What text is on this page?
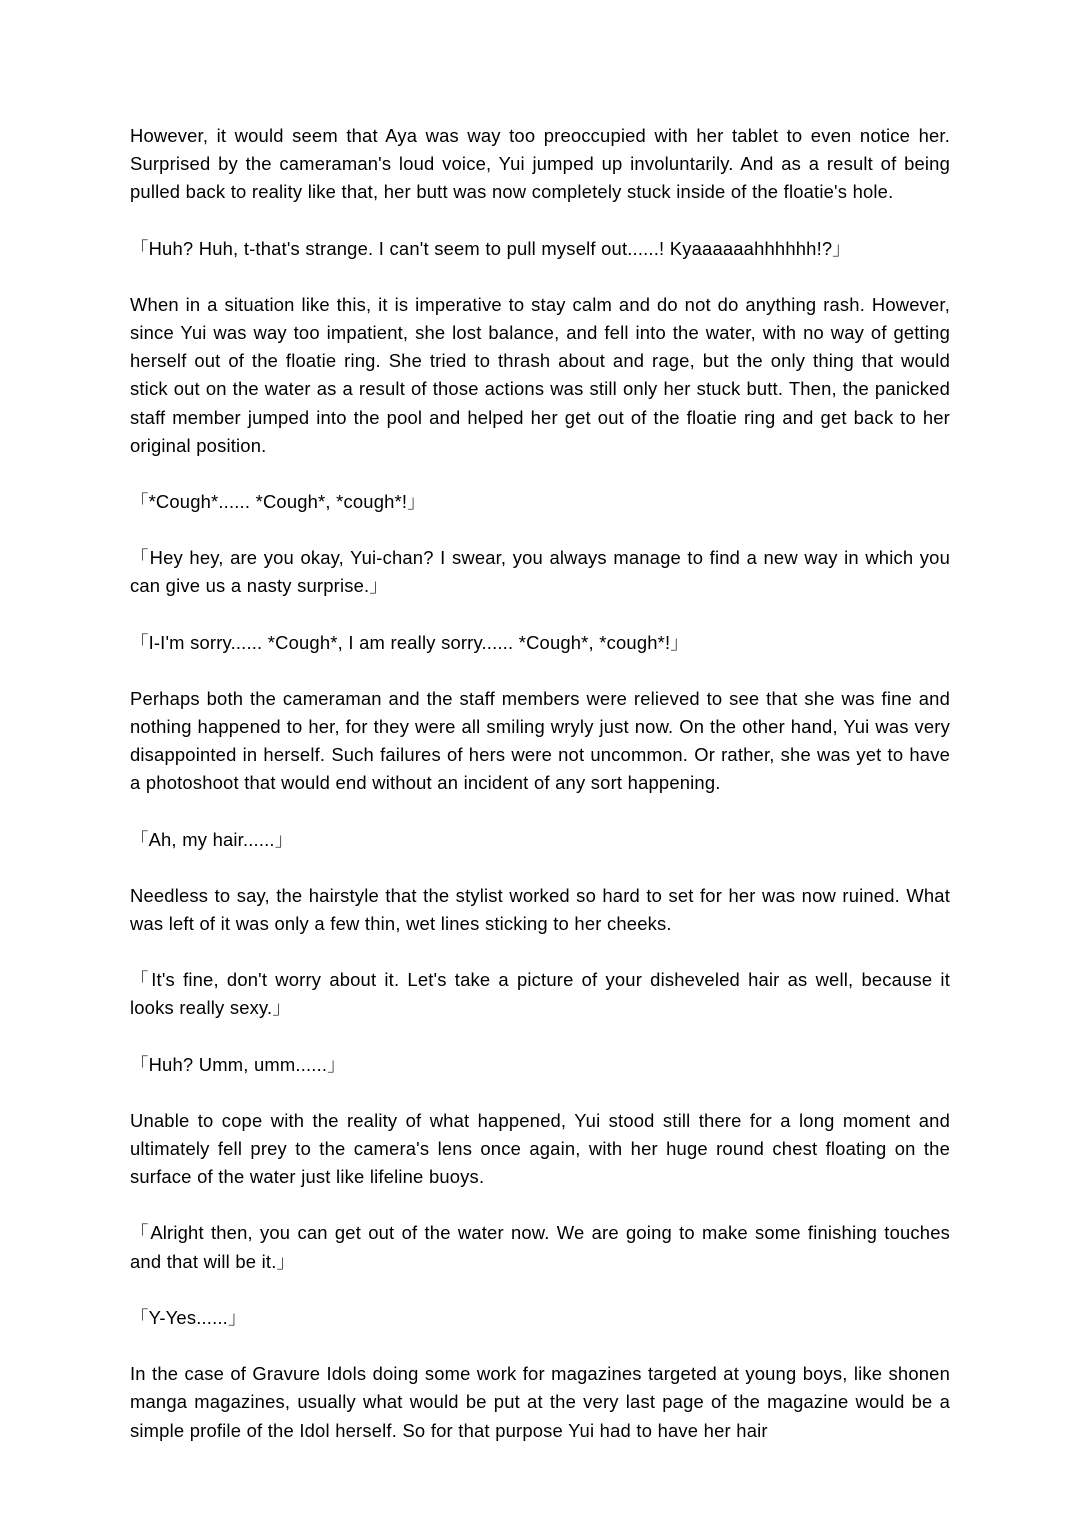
However, it would seem that Aya was way too preoccupied with her tablet to even notice her. Surprised by the cameraman's loud voice, Yui jumped up involuntarily. And as a result of being pulled back to reality like that, her butt was now completely stuck inside of the floatie's hole.

「Huh? Huh, t-that's strange. I can't seem to pull myself out......! Kyaaaaaahhhhhh!?」

When in a situation like this, it is imperative to stay calm and do not do anything rash. However, since Yui was way too impatient, she lost balance, and fell into the water, with no way of getting herself out of the floatie ring. She tried to thrash about and rage, but the only thing that would stick out on the water as a result of those actions was still only her stuck butt. Then, the panicked staff member jumped into the pool and helped her get out of the floatie ring and get back to her original position.

「*Cough*...... *Cough*, *cough*!」

「Hey hey, are you okay, Yui-chan? I swear, you always manage to find a new way in which you can give us a nasty surprise.」

「I-I'm sorry...... *Cough*, I am really sorry...... *Cough*, *cough*!」

Perhaps both the cameraman and the staff members were relieved to see that she was fine and nothing happened to her, for they were all smiling wryly just now. On the other hand, Yui was very disappointed in herself. Such failures of hers were not uncommon. Or rather, she was yet to have a photoshoot that would end without an incident of any sort happening.

「Ah, my hair......」

Needless to say, the hairstyle that the stylist worked so hard to set for her was now ruined. What was left of it was only a few thin, wet lines sticking to her cheeks.

「It's fine, don't worry about it. Let's take a picture of your disheveled hair as well, because it looks really sexy.」

「Huh? Umm, umm......」

Unable to cope with the reality of what happened, Yui stood still there for a long moment and ultimately fell prey to the camera's lens once again, with her huge round chest floating on the surface of the water just like lifeline buoys.

「Alright then, you can get out of the water now. We are going to make some finishing touches and that will be it.」

「Y-Yes......」

In the case of Gravure Idols doing some work for magazines targeted at young boys, like shonen manga magazines, usually what would be put at the very last page of the magazine would be a simple profile of the Idol herself. So for that purpose Yui had to have her hair
